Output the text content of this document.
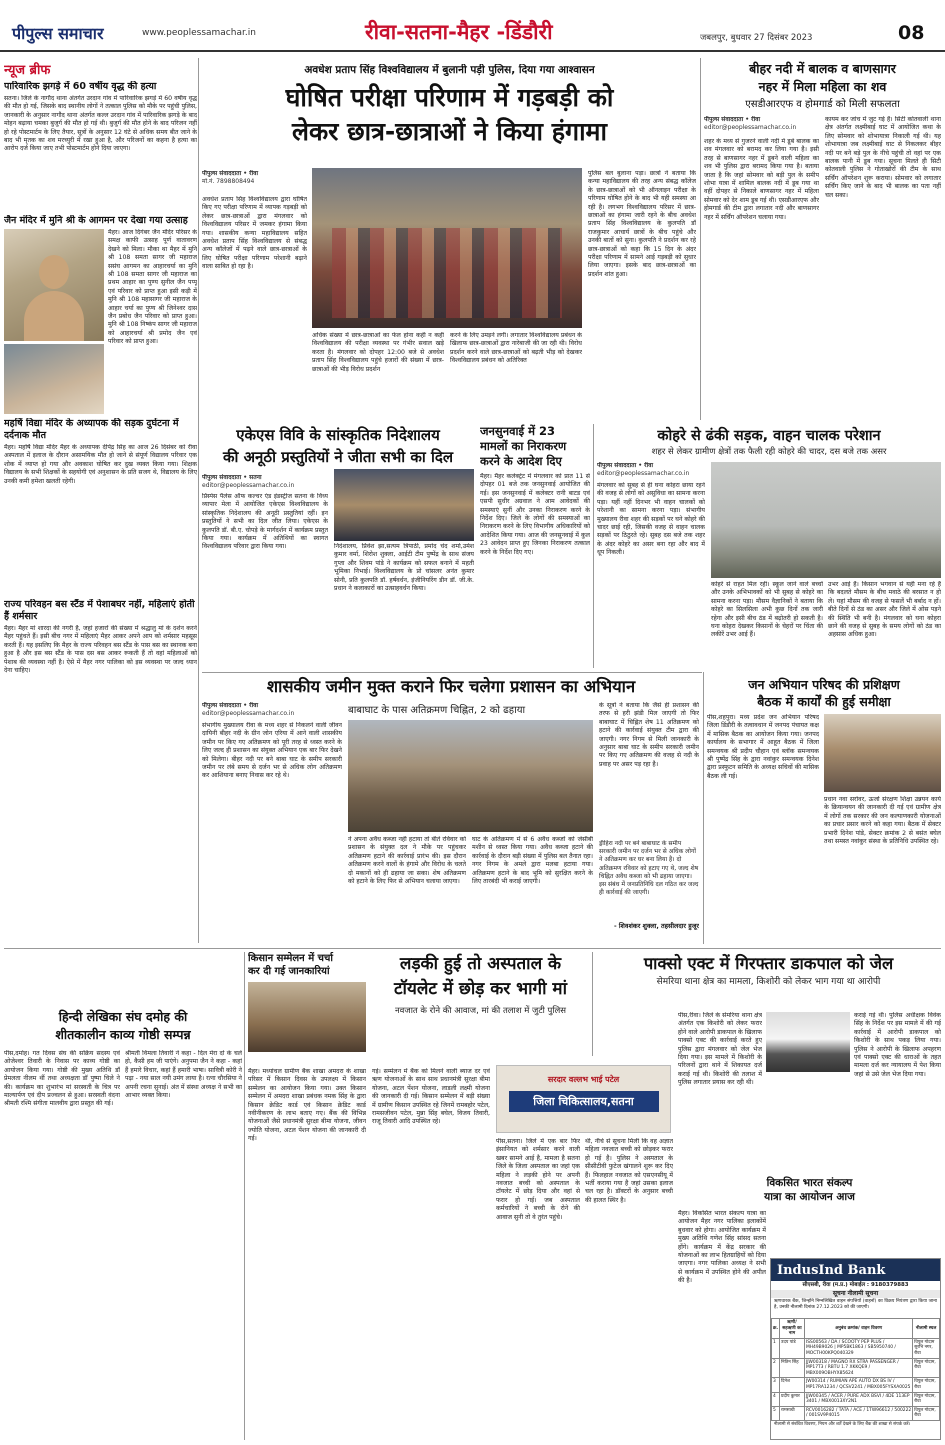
पीपुल्स समाचार	www.peoplessamachar.in	रीवा-सतना-मैहर -डिंडौरी	जबलपुर, बुधवार 27 दिसंबर 2023	08
न्यूज ब्रीफ
पारिवारिक झगड़े में 60 वर्षीय वृद्ध की हत्या
सतना। जिले के नागौद थाना अंतर्गत उरदान गांव में पारिवारिक झगड़े में 60 वर्षीय वृद्ध की मौत हो गई, जिसके बाद स्थानीय लोगों ने तत्काल पुलिस को मौके पर पहुंची पुलिस, जानकारी के अनुसार नागौद थाना अंतर्गत कल्ल उरदान गांव में पारिवारिक झगड़े के बाद मोहन बढ़ाया चमका बुजुर्ग की मौत हो गई थी। बुजुर्ग की मौत होने के बाद परिजन नहीं हो रहे पोस्टमार्टम के लिए तैयार, सूत्रों के अनुसार 12 घंटे से अधिक समय बीत जाने के बाद भी मृतक का शव मरच्युरी में रखा हुआ है, और परिजनों का कहना है हत्या का आरोप दर्ज किया जाए तभी पोस्टमार्टम होने दिया जाएगा।
जैन मंदिर में मुनि श्री के आगमन पर देखा गया उत्साह
मैहर। आज दिगंबर जैन मंदिर परिसर के समक्ष काफी उत्साह पूर्ण वातावरण देखने को मिला। मौका था मैहर में मुनि श्री 108 समता सागर जी महाराज ससंघ आगमन का आहारचर्या का मुनि श्री 108 समता सागर जी महाराज का प्रथम आहार का पुण्य सुनील जैन पप्पू एवं परिवार को प्राप्त हुआ इसी कड़ी में मुनि श्री 108 महासागर जी महाराज के आहार चर्या का पुण्य श्री जिनेश्वर दास जैन प्रबोध जैन परिवार को प्राप्त हुआ। मुनि श्री 108 निष्कंप सागर जी महाराज को आहारचर्या श्री प्रमोद जैन एवं परिवार को प्राप्त हुआ।
महर्षि विद्या मंदिर के अध्यापक की सड़क दुर्घटना में दर्दनाक मौत
मैहर। महर्षि विद्या मंदिर मैहर के अध्यापक दीपेंद्र सिंह का आज 26 दिसंबर को रीवा अस्पताल में इलाज के दौरान असामयिक मौत हो जाने से संपूर्ण विद्यालय परिवार एक शोक में व्याप्त हो गया और अवकाश घोषित कर दुख व्यक्त किया गया। शिक्षक विद्यालय के सभी शिक्षकों के सहयोगी एवं अनुशासन के प्रति सजग थे, विद्यालय के लिए उनकी कमी हमेशा खलती रहेगी।
राज्य परिवहन बस स्टैंड में पेशाबघर नहीं, महिलाएं होती हैं शर्मसार
मैहर। मैहर मां शारदा की नगरी है, जहां हजारों की संख्या में श्रद्धालु मां के दर्शन करने मैहर पहुंचते हैं। इसी बीच नगर में महिलाएं मैहर आकर अपने आप को शर्मसार महसूस करती हैं। यह इसलिए कि मैहर के राज्य परिवहन बस स्टैंड के पास बस का स्थानक बना हुआ है और इस बस स्टैंड के पास दस बस आकर रूकती हैं तो वहां महिलाओं को पेशाब की व्यवस्था नहीं है। ऐसे में मैहर नगर पालिका को इस व्यवस्था पर जल्द ध्यान देना चाहिए।
अवधेश प्रताप सिंह विश्वविद्यालय में बुलानी पड़ी पुलिस, दिया गया आश्वासन
घोषित परीक्षा परिणाम में गड़बड़ी को
लेकर छात्र-छात्राओं ने किया हंगामा
पीपुल्स संवाददाता • रीवा
मो.नं. 7898808494
अवधेश प्रताप सिंह विश्वविद्यालय द्वारा घोषित किए गए परीक्षा परिणाम में व्यापक गड़बड़ी को लेकर छात्र-छात्राओं द्वारा मंगलवार को विश्वविद्यालय परिसर में जमकर हंगामा किया गया। शासकीय कन्या महाविद्यालय सहित अवधेश प्रताप सिंह विश्वविद्यालय से संबद्ध अन्य कॉलेजों में पढ़ने वाले छात्र-छात्राओं के लिए घोषित परीक्षा परिणाम परेशानी बढ़ाने वाला साबित हो रहा है।
अधिक संख्या में छात्र-छात्राओं का फेल होना कहीं न कहीं विश्वविद्यालय की परीक्षा व्यवस्था पर गंभीर सवाल खड़े करता है। मंगलवार को दोपहर 12:00 बजे से अवधेश प्रताप सिंह विश्वविद्यालय पहुंचे हजारों की संख्या में छात्र-छात्राओं की भीड़ विरोध प्रदर्शन
करने के लिए उमड़ने लगी। लगातार विश्वविद्यालय प्रबंधन के खिलाफ छात्र-छात्राओं द्वारा नारेबाजी की जा रही थी। विरोध प्रदर्शन करने वाले छात्र-छात्राओं को बढ़ती भीड़ को देखकर विश्वविद्यालय प्रबंधन को अतिरिक्त
पुलिस बल बुलाना पड़ा। छात्रों ने बताया कि कन्या महाविद्यालय की तरह अन्य संबद्ध कॉलेज के छात्र-छात्राओं को भी ऑनलाइन परीक्षा के परिणाम घोषित होने के बाद भी यही समस्या आ रही है। लगभग विश्वविद्यालय परिसर में छात्र-छात्राओं का हंगामा जारी रहने के बीच अवधेश प्रताप सिंह विश्वविद्यालय के कुलपति डॉ राजकुमार आचार्य छात्रों के बीच पहुंचे और उनकी बातों को सुना। कुलपति ने प्रदर्शन कर रहे छात्र-छात्राओं को कहा कि 15 दिन के अंदर परीक्षा परिणाम में सामने आई गड़बड़ी को सुधार लिया जाएगा। इसके बाद छात्र-छात्राओं का प्रदर्शन शांत हुआ।
बीहर नदी में बालक व बाणसागर
नहर में मिला महिला का शव
एसडीआरएफ व होमगार्ड को मिली सफलता
पीपुल्स संवाददाता • रीवा
editor@peoplessamachar.co.in
शहर के मध्य से गुजरने वाली नदी में डूबे बालक का शव मंगलवार को बरामद कर लिया गया है। इसी तरह से बाणसागर नहर में डूबने वाली महिला का शव भी पुलिस द्वारा बरामद किया गया है। बताया जाता है कि जहां सोमवार को बड़ी पुल के समीप शोभा यात्रा में शामिल बालक नदी में डूब गया था वहीं दोपहर से निकाले बाणसागर नहर में महिला सोमवार को देर शाम डूब गई थी। एसडीआरएफ और होमगार्ड की टीम द्वारा लगातार नदी और बाणसागर नहर में सर्चिंग ऑपरेशन चलाया गया।
कायम कर जांच में जुट गई है। सिटी कोतवाली थाना क्षेत्र अंतर्गत लक्ष्मीबाई घाट में आयोजित कथा के लिए सोमवार को शोभायात्रा निकाली गई थी। यह शोभायात्रा जब लक्ष्मीबाई घाट से निकलकर बीहर नदी पर बने बड़े पुल के नीचे पहुंची तो वहां पर एक बालक पानी में डूब गया। सूचना मिलते ही सिटी कोतवाली पुलिस ने गोताखोरों की टीम के साथ सर्चिंग ऑपरेशन शुरू कराया। सोमवार को लगातार सर्चिंग किए जाने के बाद भी बालक का पता नहीं चल सका।
एकेएस विवि के सांस्कृतिक निदेशालय
की अनूठी प्रस्तुतियों ने जीता सभी का दिल
पीपुल्स संवाददाता • सतना
editor@peoplessamachar.co.in
प्रिंस्पेस पैलेस ऑफ कल्चर एंड इंडस्ट्रीज सतना के विंध्य व्यापार मेला में आयोजित एकेएस विश्वविद्यालय के सांस्कृतिक निदेशालय की अनूठी प्रस्तुतियां रहीं। इन प्रस्तुतियों ने सभी का दिल जीत लिया। एकेएस के कुलपति डॉ. बी.ए. चोपड़े के मार्गदर्शन में कार्यक्रम प्रस्तुत किया गया। कार्यक्रम में अतिथियों का स्वागत विश्वविद्यालय परिवार द्वारा किया गया।	निदेशालय, प्रिवेश झा,सत्यम त्रिपाठी, प्रमोद चंद शर्मा,उमेश कुमार वर्मा, शिरोश शुक्ला, आईटी टीम पुष्पेंद्र के साथ संजय गुप्ता और शिवम पांडे ने कार्यक्रम को सफल बनाने में महती भूमिका निभाई। विश्वविद्यालय के प्रो चांसलर अनंत कुमार सोनी, प्रति कुलपति डॉ. हर्षवर्धन, इंजीनियरिंग डीन डॉ. जी.के. प्रधान ने कलाकारों का उत्साहवर्धन किया।
जनसुनवाई में 23
मामलों का निराकरण
करने के आदेश दिए
मैहर। मैहर कलेक्ट्रेट में मंगलवार को प्रात 11 से दोपहर 01 बजे तक जनसुनवाई आयोजित की गई। इस जनसुनवाई में कलेक्टर रानी बाटड एवं एसपी सुधीर अग्रवाल ने आम आवेदकों की समस्याएं सुनीं और उनका निराकरण करने के निर्देश दिए। जिले के लोगों की समस्याओं का निराकरण करने के लिए विभागीय अधिकारियों को आदेशित किया गया। आज की जनसुनवाई में कुल 23 आवेदन प्राप्त हुए जिनका निराकरण तत्काल करने के निर्देश दिए गए।
कोहरे से ढंकी सड़क, वाहन चालक परेशान
शहर से लेकर ग्रामीण क्षेत्रों तक फैली रही कोहरे की चादर, दस बजे तक असर
पीपुल्स संवाददाता • रीवा
editor@peoplessamachar.co.in
मंगलवार को सुबह से ही घना कोहरा छाया रहने की वजह से लोगों को असुविधा का सामना करना पड़ा। यहीं नहीं दिनभर भी वाहन चालकों को परेशानी का सामना करना पड़ा। संभागीय मुख्यालय रीवा शहर की सड़कों पर घने कोहरे की चादर छाई रही, जिसकी वजह से वाहन चालक सड़कों पर ठिठुरते रहे। सुबह दस बजे तक शहर के अंदर कोहरे का असर बना रहा और बाद में धूप निकली।
कोहरे से राहत मिल रही। स्कूल जाने वाले बच्चों और उनके अभिभावकों को भी सुबह से कोहरे का सामना करना पड़ा। मौसम वैज्ञानिकों ने बताया कि कोहरे का सिलसिला अभी कुछ दिनों तक जारी रहेगा और इसी बीच ठंड में बढ़ोतरी हो सकती है। घना कोहरा देखकर किसानों के चेहरों पर चिंता की लकीरें उभर आई हैं।
उभर आई हैं। किसान भगवान से यही मना रहे हैं कि बदलते मौसम के बीच मवाठे की बरसात न हो ले। यहां मौसम की वजह से फसलें भी बर्बाद न हों। बीते दिनों से ठंड का असर और जिले में ओस पड़ने की स्थिति भी बनी है। मंगलवार को घना कोहरा छाने की वजह से सुबह के समय लोगों को ठंड का अहसास अधिक हुआ।
शासकीय जमीन मुक्त कराने फिर चलेगा प्रशासन का अभियान
पीपुल्स संवाददाता • रीवा
editor@peoplessamachar.co.in
संभागीय मुख्यालय रीवा के मध्य शहर से निकलने वाली जीवन दायिनी बीहर नदी के ग्रीन जोन एरिया में आने वाली शासकीय जमीन पर किए गए अतिक्रमण को पूरी तरह से ध्वस्त करने के लिए जल्द ही प्रशासन का संयुक्त अभियान एक बार फिर देखने को मिलेगा। बीहर नदी पर बने बाबा घाट के समीप सरकारी जमीन पर लंबे समय से दर्जन भर से अधिक लोग अतिक्रमण कर आशियाना बनाए निवास कर रहे थे।
बाबाघाट के पास अतिक्रमण चिह्नित, 2 को ढहाया
ने अपना अवैध कब्जा नहीं हटाया तो बीते रविवार को प्रशासन के संयुक्त दल ने मौके पर पहुंचकर अतिक्रमण हटाने की कार्रवाई प्रारंभ की। इस दौरान अतिक्रमण करने वालों के हंगामे और विरोध के चलते दो मकानों को ही ढहाया जा सका। शेष अतिक्रमण को हटाने के लिए फिर से अभियान चलाया जाएगा।
घाट के अतिक्रमण में से 6 अवैध कब्जों को जेसीबी मशीन से ध्वस्त किया गया। अवैध कब्जा हटाने की कार्रवाई के दौरान बड़ी संख्या में पुलिस बल तैनात रहा। नगर निगम के अमले द्वारा मलबा हटाया गया। अतिक्रमण हटाने के बाद भूमि को सुरक्षित करने के लिए तारबंदी भी कराई जाएगी।
के सूत्रों ने बताया कि जैसे ही प्रशासन की तरफ से हरी झंडी मिल जाएगी तो फिर बाबाघाट में चिह्नित शेष 11 अतिक्रमण को हटाने की कार्रवाई संयुक्त टीम द्वारा की जाएगी। नगर निगम से मिली जानकारी के अनुसार बाबा घाट के समीप सरकारी जमीन पर किए गए अतिक्रमण की वजह से नदी के प्रवाह पर असर पड़ रहा है।
ड्रीहिरा नदी पर बने बाबाघाट के समीप सरकारी जमीन पर दर्जन भर से अधिक लोगों ने अतिक्रमण कर घर बना लिया है। दो अतिक्रमण रविवार को हटाए गए थे, जल्द शेष चिह्नित अवैध कब्जा को भी ढहाया जाएगा। इस संबंध में जनप्रतिनिधि दल गठित कर जल्द ही कार्रवाई की जाएगी।
- शिवशंकर शुक्ला, तहसीलदार हुजूर
जन अभियान परिषद की प्रशिक्षण
बैठक में कार्यों की हुई समीक्षा
पीस,शहपुरा। मध्य प्रदेश जन अभियान परिषद जिला डिंडौरी के तत्वावधान में जनपद पंचायत कक्ष में मासिक बैठक का आयोजन किया गया। जनपद कार्यालय के सभागार में आहूत बैठक में जिला समन्वयक श्री प्रदीप चौहान एवं ब्लॉक समन्वयक श्री पुष्पेंद्र सिंह के द्वारा नवांकुर समन्वयक दिनेश द्वारा प्रस्फुटन समिति के अध्यक्ष सचिवों की मासिक बैठक ली गई।
प्रधान नवा सरोवर, ऊर्जा संरक्षण शिक्षा उन्नयन कार्य के क्रियान्वयन की जानकारी दी गई एवं ग्रामीण क्षेत्र में लोगों तक सरकार की जन कल्याणकारी योजनाओं का प्रचार प्रसार करने को कहा गया। बैठक में सेक्टर प्रभारी दिनेश पांडे, सेक्टर क्रमांक 2 से बसंत बघेल तथा समस्त नवांकुर संस्था के प्रतिनिधि उपस्थित रहे।
हिन्दी लेखिका संघ दमोह की
शीतकालीन काव्य गोष्ठी सम्पन्न
पीस,दमोह। गत दिवस संघ की सक्रिय सदस्य एवं ओजेश्वर तिवारी के निवास पर काव्य गोष्ठी का आयोजन किया गया। गोष्ठी की मुख्य अतिथि डॉ प्रेमलता नीलम थीं तथा अध्यक्षता डॉ पुष्पा चिले ने की। कार्यक्रम का शुभारंभ मां सरस्वती के चित्र पर माल्यार्पण एवं दीप प्रज्वलन से हुआ। सरस्वती वंदना श्रीमती रश्मि संगीता मालवीय द्वारा प्रस्तुत की गई।
श्रीमती विमला तिवारी ने कहा - दिल मेरा दो के चले हो, कैसी हम जी पाएंगे। अनुपमा जैन ने कहा - कहां हैं हमारे विचार, कहां हैं हमारी भाषा। सावित्री कोरी ने पढ़ा - नया साल नयी उमंग लाया है। रत्ना चौरसिया ने अपनी रचना सुनाई। अंत में संस्था अध्यक्ष ने सभी का आभार व्यक्त किया।
किसान सम्मेलन में चर्चा
कर दी गई जानकारियां
मैहर। मध्यांचल ग्रामीण बैंक शाखा अमदरा के शाखा परिसर में किसान दिवस के उपलक्ष्य में किसान सम्मेलन का आयोजन किया गया। उक्त किसान सम्मेलन में अमदरा शाखा प्रबंधक नमक सिंह के द्वारा किसान क्रेडिट कार्ड एवं किसान क्रेडिट कार्ड नवीनीकरण के लाभ बताए गए। बैंक की विभिन्न योजनाओं जैसे प्रधानमंत्री सुरक्षा बीमा योजना, जीवन ज्योति योजना, अटल पेंशन योजना की जानकारी दी गई।
गई। सम्मेलन में बैंक को मिलने वाली ब्याज दर एवं ऋण योजनाओं के साथ साथ प्रधानमंत्री सुरक्षा बीमा योजना, अटल पेंशन योजना, लाडली लक्ष्मी योजना की जानकारी दी गई। किसान सम्मेलन में बड़ी संख्या में ग्रामीण किसान उपस्थित रहे जिनमें रामबहोर पटेल, रामसजीवन पटेल, मुन्ना सिंह बघेल, विजय तिवारी, राजू तिवारी आदि उपस्थित रहे।
लड़की हुई तो अस्पताल के
टॉयलेट में छोड़ कर भागी मां
नवजात के रोने की आवाज, मां की तलाश में जुटी पुलिस
सरदार वल्लभ भाई पटेल
जिला चिकित्सालय,सतना
पीस,सतना। जिले में एक बार फिर इंसानियत को शर्मसार करने वाली खबर सामने आई है, मामला है सतना जिले के जिला अस्पताल का जहां एक महिला ने लड़की होने पर अपनी नवजात बच्ची को अस्पताल के टॉयलेट में छोड़ दिया और वहां से फरार हो गई। जब अस्पताल कर्मचारियों ने बच्ची के रोने की आवाज सुनी तो वे तुरंत पहुंचे।
थी, नीचे से सूचना मिली कि वह अज्ञात महिला नवजात बच्ची को छोड़कर फरार हो गई है। पुलिस ने अस्पताल के सीसीटीवी फुटेज खंगालने शुरू कर दिए हैं। फिलहाल नवजात को एसएनसीयू में भर्ती कराया गया है जहां उसका इलाज चल रहा है। डॉक्टरों के अनुसार बच्ची की हालत स्थिर है।
पाक्सो एक्ट में गिरफ्तार डाकपाल को जेल
सेमरिया थाना क्षेत्र का मामला, किशोरी को लेकर भाग गया था आरोपी
पीस,रीवा। जिले के सेमरिया थाना क्षेत्र अंतर्गत एक किशोरी को लेकर फरार होने वाले आरोपी डाकपाल के खिलाफ पाक्सो एक्ट की कार्रवाई करते हुए पुलिस द्वारा मंगलवार को जेल भेज दिया गया। इस मामले में किशोरी के परिजनों द्वारा थाने में शिकायत दर्ज कराई गई थी। किशोरी की तलाश में पुलिस लगातार प्रयास कर रही थी।
कराई गई थी। पुलिस अधीक्षक विवेक सिंह के निर्देश पर इस मामले में की गई कार्रवाई में आरोपी डाकपाल को किशोरी के साथ पकड़ लिया गया। पुलिस ने आरोपी के खिलाफ अपहरण एवं पाक्सो एक्ट की धाराओं के तहत मामला दर्ज कर न्यायालय में पेश किया जहां से उसे जेल भेज दिया गया।
विकसित भारत संकल्प
यात्रा का आयोजन आज
मैहर। विकसित भारत संकल्प यात्रा का आयोजन मैहर नगर पालिका इलाकोंमें बुधवार को होगा। आयोजित कार्यक्रम में मुख्य अतिथि गणेश सिंह सांसद सतना होंगे। कार्यक्रम में केंद्र सरकार की योजनाओं का लाभ हितग्राहियों को दिया जाएगा। नगर पालिका अध्यक्ष ने सभी से कार्यक्रम में उपस्थित होने की अपील की है।
IndusInd Bank
सीएसबी, रीवा (म.प्र.) मोबाईल : 9180379883
सूचना नीलामी सूचना
ऋणधारक बैंक, जिन्होंने निम्नलिखित वाहन संपत्तियों (वाहनों) का विक्रय नियंत्रण द्वारा किया जाना है, उनकी नीलामी दिनांक 27.12.2023 को की जाएगी।
क्र.	ऋणी/ सहऋणी का नाम	अनुबंध क्रमांक/ वाहन विवरण	नीलामी स्थल
1	उदय पांडे	ISS00563 / DA / SCOOTY PEP PLUS / MH49B9026 | MP5BK1863 / SB5950740 / MOCTH00KPQ040329	विपुल गोदाम सुरभि नगर, रीवा
2	नितिन सिंह	JJW00318 / MAGNO RX STRA PASSENGER / MP17T3 / RBTU 1.7 XKKQE9 / MBX009OBHYX85624	विपुल गोदाम, रीवा
3	दिनेश	JW00314 / RUMIAN APE AUTO DX BS IV / MP17RA1234 / QCSV2241 / MBX005FYSXA0025	विपुल गोदाम, रीवा
4	प्रदीप कुमार	JJW00345 / ACER / PURE ADX BSVI / 4DE 113EP 3401 / MBX0013XY2N1	विपुल गोदाम, रीवा
5	रामसाथी	RCV0016282 / TATA / ACE / 1TW96612 / 500222 / 001SV9P4015	विपुल गोदाम, रीवा
नीलामी से संबंधित विवरण, नियम और शर्तें देखने के लिए बैंक की शाखा से संपर्क करें।
